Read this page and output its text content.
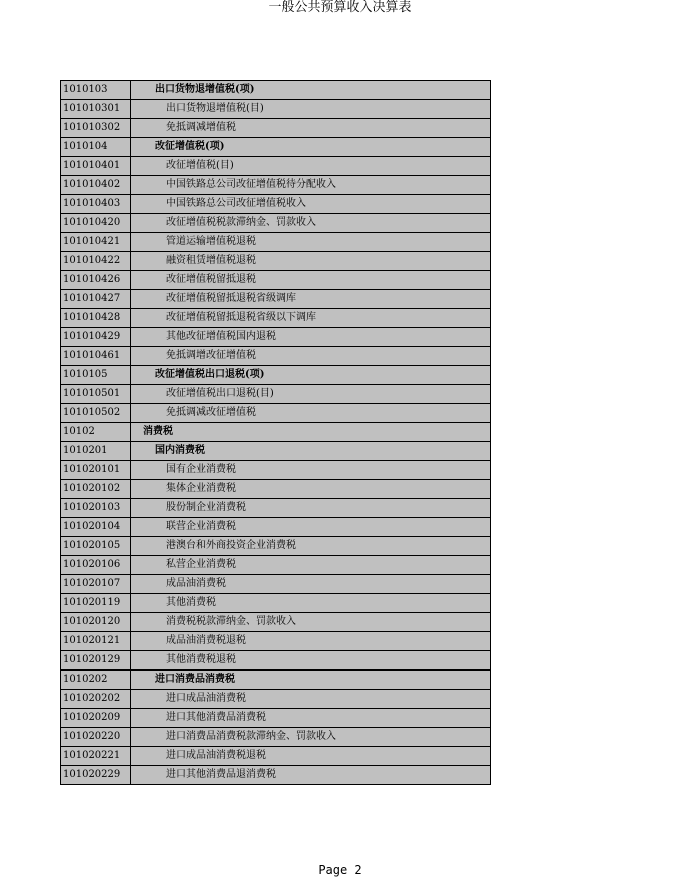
一般公共预算收入决算表
1010103	出口货物退增值税(项)
101010301	出口货物退增值税(目)
101010302	免抵调减增值税
1010104	改征增值税(项)
101010401	改征增值税(目)
101010402	中国铁路总公司改征增值税待分配收入
101010403	中国铁路总公司改征增值税收入
101010420	改征增值税税款滞纳金、罚款收入
101010421	管道运输增值税退税
101010422	融资租赁增值税退税
101010426	改征增值税留抵退税
101010427	改征增值税留抵退税省级调库
101010428	改征增值税留抵退税省级以下调库
101010429	其他改征增值税国内退税
101010461	免抵调增改征增值税
1010105	改征增值税出口退税(项)
101010501	改征增值税出口退税(目)
101010502	免抵调减改征增值税
10102	消费税
1010201	国内消费税
101020101	国有企业消费税
101020102	集体企业消费税
101020103	股份制企业消费税
101020104	联营企业消费税
101020105	港澳台和外商投资企业消费税
101020106	私营企业消费税
101020107	成品油消费税
101020119	其他消费税
101020120	消费税税款滞纳金、罚款收入
101020121	成品油消费税退税
101020129	其他消费税退税
1010202	进口消费品消费税
101020202	进口成品油消费税
101020209	进口其他消费品消费税
101020220	进口消费品消费税款滞纳金、罚款收入
101020221	进口成品油消费税退税
101020229	进口其他消费品退消费税
Page 2
